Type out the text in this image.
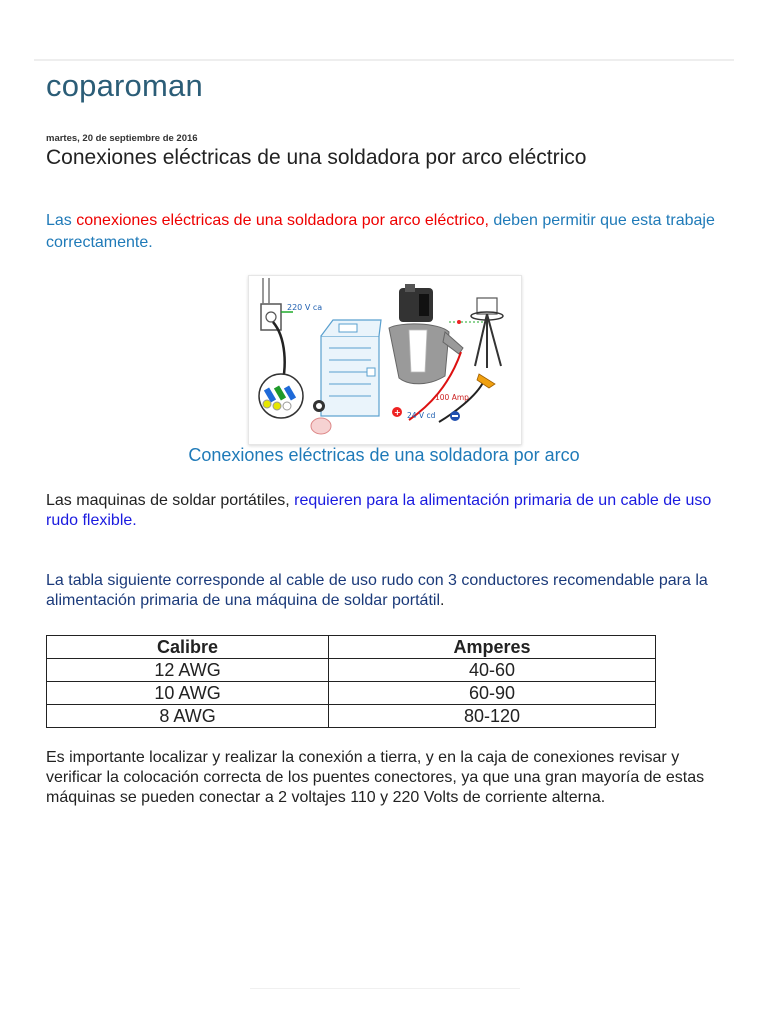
coparoman
martes, 20 de septiembre de 2016
Conexiones eléctricas de una soldadora por arco eléctrico

Las conexiones eléctricas de una soldadora por arco eléctrico, deben permitir que esta trabaje correctamente.

220 V ca
100 Amp
+ 24 V cd
Conexiones eléctricas de una soldadora por arco

Las maquinas de soldar portátiles, requieren para la alimentación primaria de un cable de uso rudo flexible.

La tabla siguiente corresponde al cable de uso rudo con 3 conductores recomendable para la alimentación primaria de una máquina de soldar portátil.

Calibre	Amperes
12 AWG	40-60
10 AWG	60-90
8 AWG	80-120

Es importante localizar y realizar la conexión a tierra, y en la caja de conexiones revisar y verificar la colocación correcta de los puentes conectores, ya que una gran mayoría de estas máquinas se pueden conectar a 2 voltajes 110 y 220 Volts de corriente alterna.
